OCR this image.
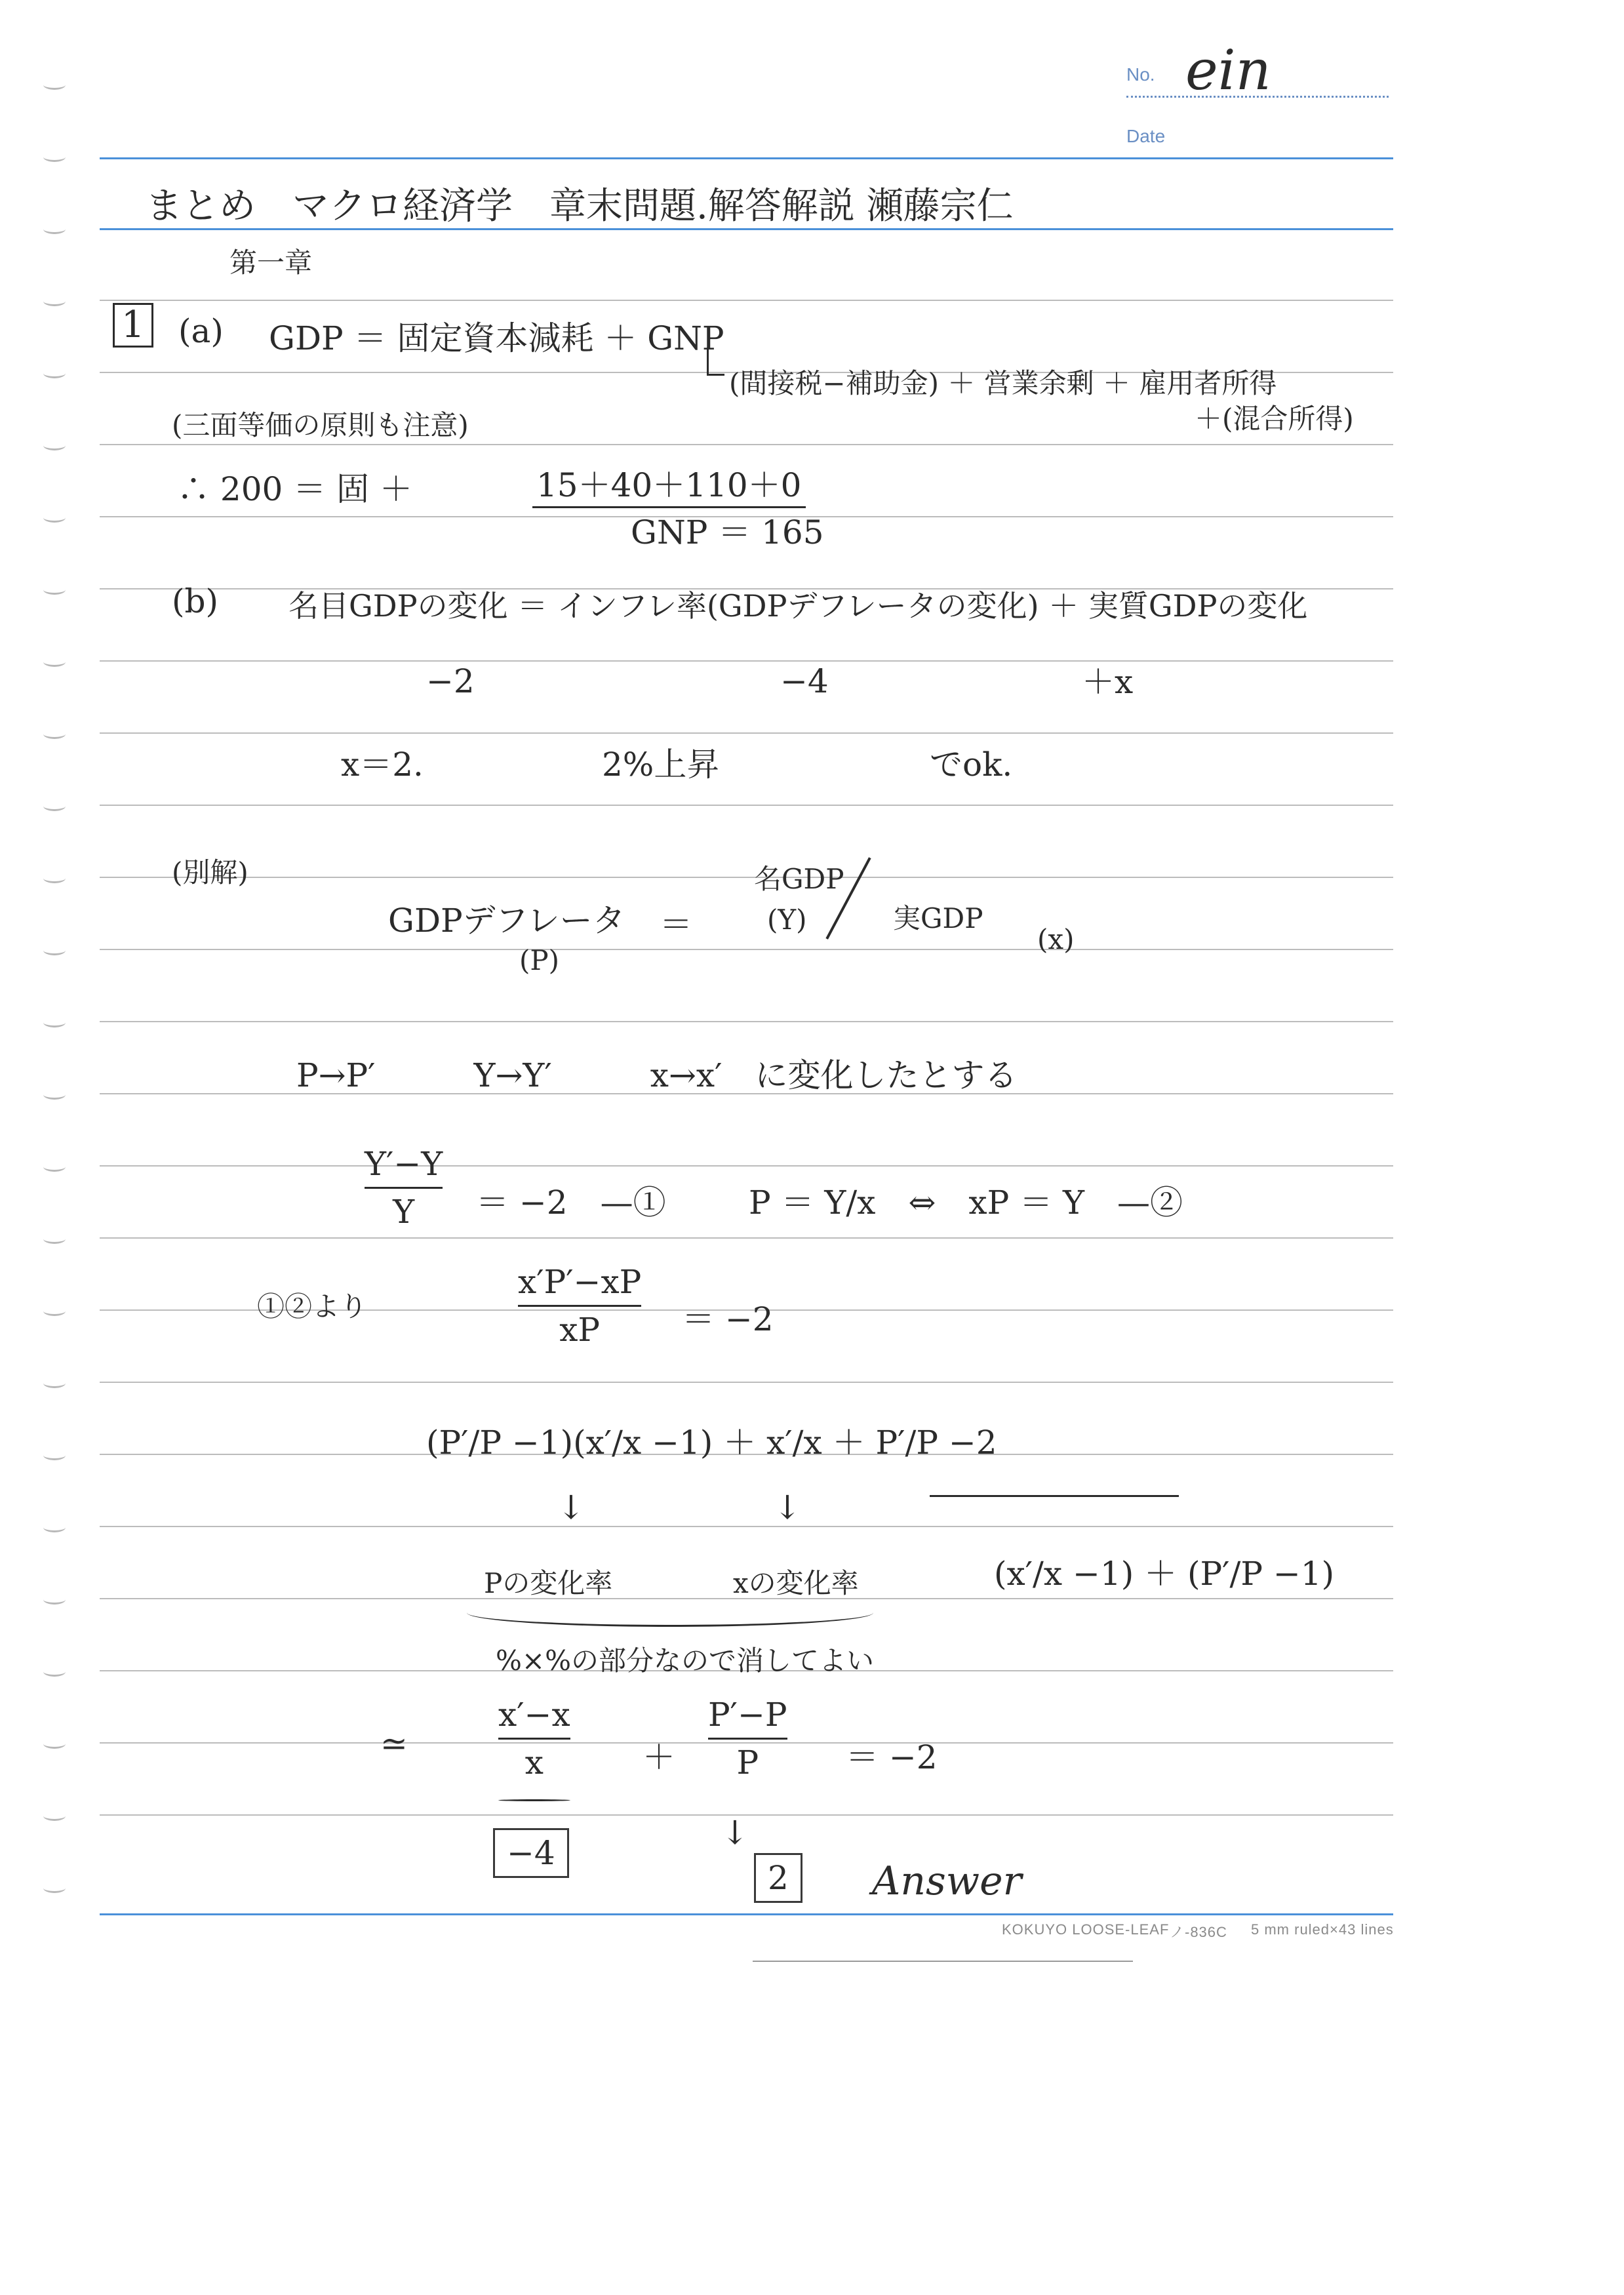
No. ein
Date
まとめ　マクロ経済学　章末問題.解答解説 瀬藤宗仁
第一章
1 (a) GDP ＝ 固定資本減耗 ＋ GNP
(間接税−補助金) ＋ 営業余剰 ＋ 雇用者所得
＋(混合所得)
(三面等価の原則も注意)
∴ 200 ＝ 固 ＋	15＋40＋110＋0
GNP ＝ 165
(b) 名目GDPの変化 ＝ インフレ率(GDPデフレータの変化) ＋ 実質GDPの変化
−2	−4	＋x
x＝2.	2%上昇	でok.
(別解)
GDPデフレータ
(P)
＝
名GDP
(Y)	実GDP
(x)
P→P′　　　Y→Y′　　　x→x′　に変化したとする
Y′−Y
Y ＝ −2　—①	P ＝ Y/x　⇔　xP ＝ Y　—②
①②より
x′P′−xP
xP ＝ −2
(P′/P −1)(x′/x −1) ＋ x′/x ＋ P′/P −2
↓	↓
Pの変化率	xの変化率	(x′/x −1) ＋ (P′/P −1)
%×%の部分なので消してよい
≃
x′−x
x	＋
P′−P
P	＝ −2
−4
↓
2	Answer
KOKUYO LOOSE-LEAF ノ-836C 5 mm ruled×43 lines
